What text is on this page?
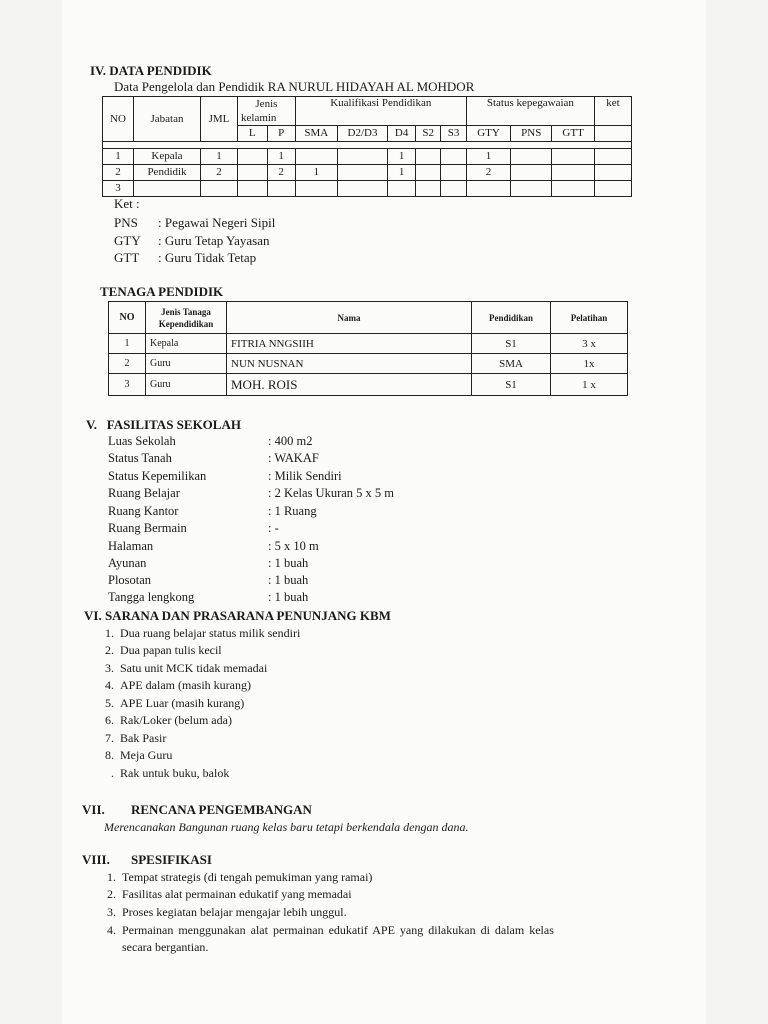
IV. DATA PENDIDIK
Data Pengelola dan Pendidik RA NURUL HIDAYAH AL MOHDOR
NO	Jabatan	JML	Jenis
kelamin		Kualifikasi Pendidikan					Status kepegawaian			ket

			L	P	SMA	D2/D3	D4	S2	S3	GTY	PNS	GTT	

1	Kepala	1		1			1			1			
2	Pendidik	2		2	1		1			2			
3													
Ket :
PNS : Pegawai Negeri Sipil
GTY : Guru Tetap Yayasan
GTT : Guru Tidak Tetap
TENAGA PENDIDIK
NO	Jenis Tanaga
Kependidikan	Nama	Pendidikan	Pelatihan
1	Kepala	FITRIA NNGSIIH	S1	3 x
2	Guru	NUN NUSNAN	SMA	1x
3	Guru	MOH. ROIS	S1	1 x
V.   FASILITAS SEKOLAH
Luas Sekolah	: 400 m2
Status Tanah	: WAKAF
Status Kepemilikan	: Milik Sendiri
Ruang Belajar	: 2 Kelas Ukuran 5 x 5 m
Ruang Kantor	: 1 Ruang
Ruang Bermain	: -
Halaman	: 5 x 10 m
Ayunan	: 1 buah
Plosotan	: 1 buah
Tangga lengkong	: 1 buah
VI. SARANA DAN PRASARANA PENUNJANG KBM
1. Dua ruang belajar status milik sendiri
2. Dua papan tulis kecil
3. Satu unit MCK tidak memadai
4. APE dalam (masih kurang)
5. APE Luar (masih kurang)
6. Rak/Loker (belum ada)
7. Bak Pasir
8. Meja Guru
. Rak untuk buku, balok
VII. RENCANA PENGEMBANGAN
Merencanakan Bangunan ruang kelas baru tetapi berkendala dengan dana.
VIII. SPESIFIKASI
1. Tempat strategis (di tengah pemukiman yang ramai)
2. Fasilitas alat permainan edukatif yang memadai
3. Proses kegiatan belajar mengajar lebih unggul.
4. Permainan menggunakan alat permainan edukatif APE yang dilakukan di dalam kelas
secara bergantian.
